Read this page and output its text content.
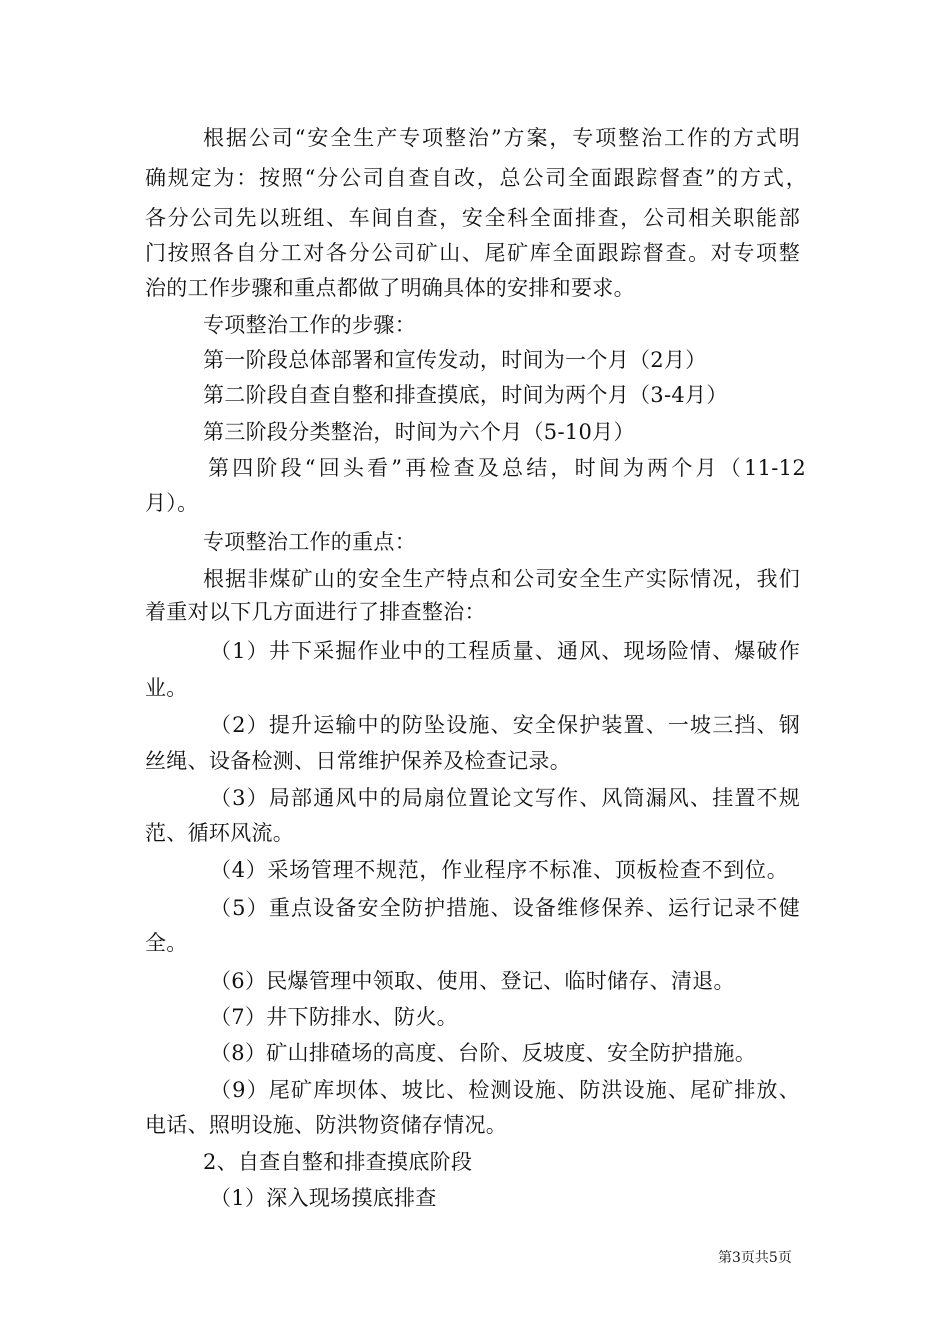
根据公司“安全生产专项整治”方案，专项整治工作的方式明
确规定为：按照“分公司自查自改，总公司全面跟踪督查”的方式，
各分公司先以班组、车间自查，安全科全面排查，公司相关职能部
门按照各自分工对各分公司矿山、尾矿库全面跟踪督查。对专项整
治的工作步骤和重点都做了明确具体的安排和要求。
专项整治工作的步骤：
第一阶段总体部署和宣传发动，时间为一个月（2月）
第二阶段自查自整和排查摸底，时间为两个月（3-4月）
第三阶段分类整治，时间为六个月（5-10月）
第四阶段“回头看”再检查及总结，时间为两个月（11-12
月）。
专项整治工作的重点：
根据非煤矿山的安全生产特点和公司安全生产实际情况，我们
着重对以下几方面进行了排查整治：
（1）井下采掘作业中的工程质量、通风、现场险情、爆破作
业。
（2）提升运输中的防坠设施、安全保护装置、一坡三挡、钢
丝绳、设备检测、日常维护保养及检查记录。
（3）局部通风中的局扇位置论文写作、风筒漏风、挂置不规
范、循环风流。
（4）采场管理不规范，作业程序不标准、顶板检查不到位。
（5）重点设备安全防护措施、设备维修保养、运行记录不健
全。
（6）民爆管理中领取、使用、登记、临时储存、清退。
（7）井下防排水、防火。
（8）矿山排碴场的高度、台阶、反坡度、安全防护措施。
（9）尾矿库坝体、坡比、检测设施、防洪设施、尾矿排放、
电话、照明设施、防洪物资储存情况。
2、自查自整和排查摸底阶段
（1）深入现场摸底排查
第3页共5页
